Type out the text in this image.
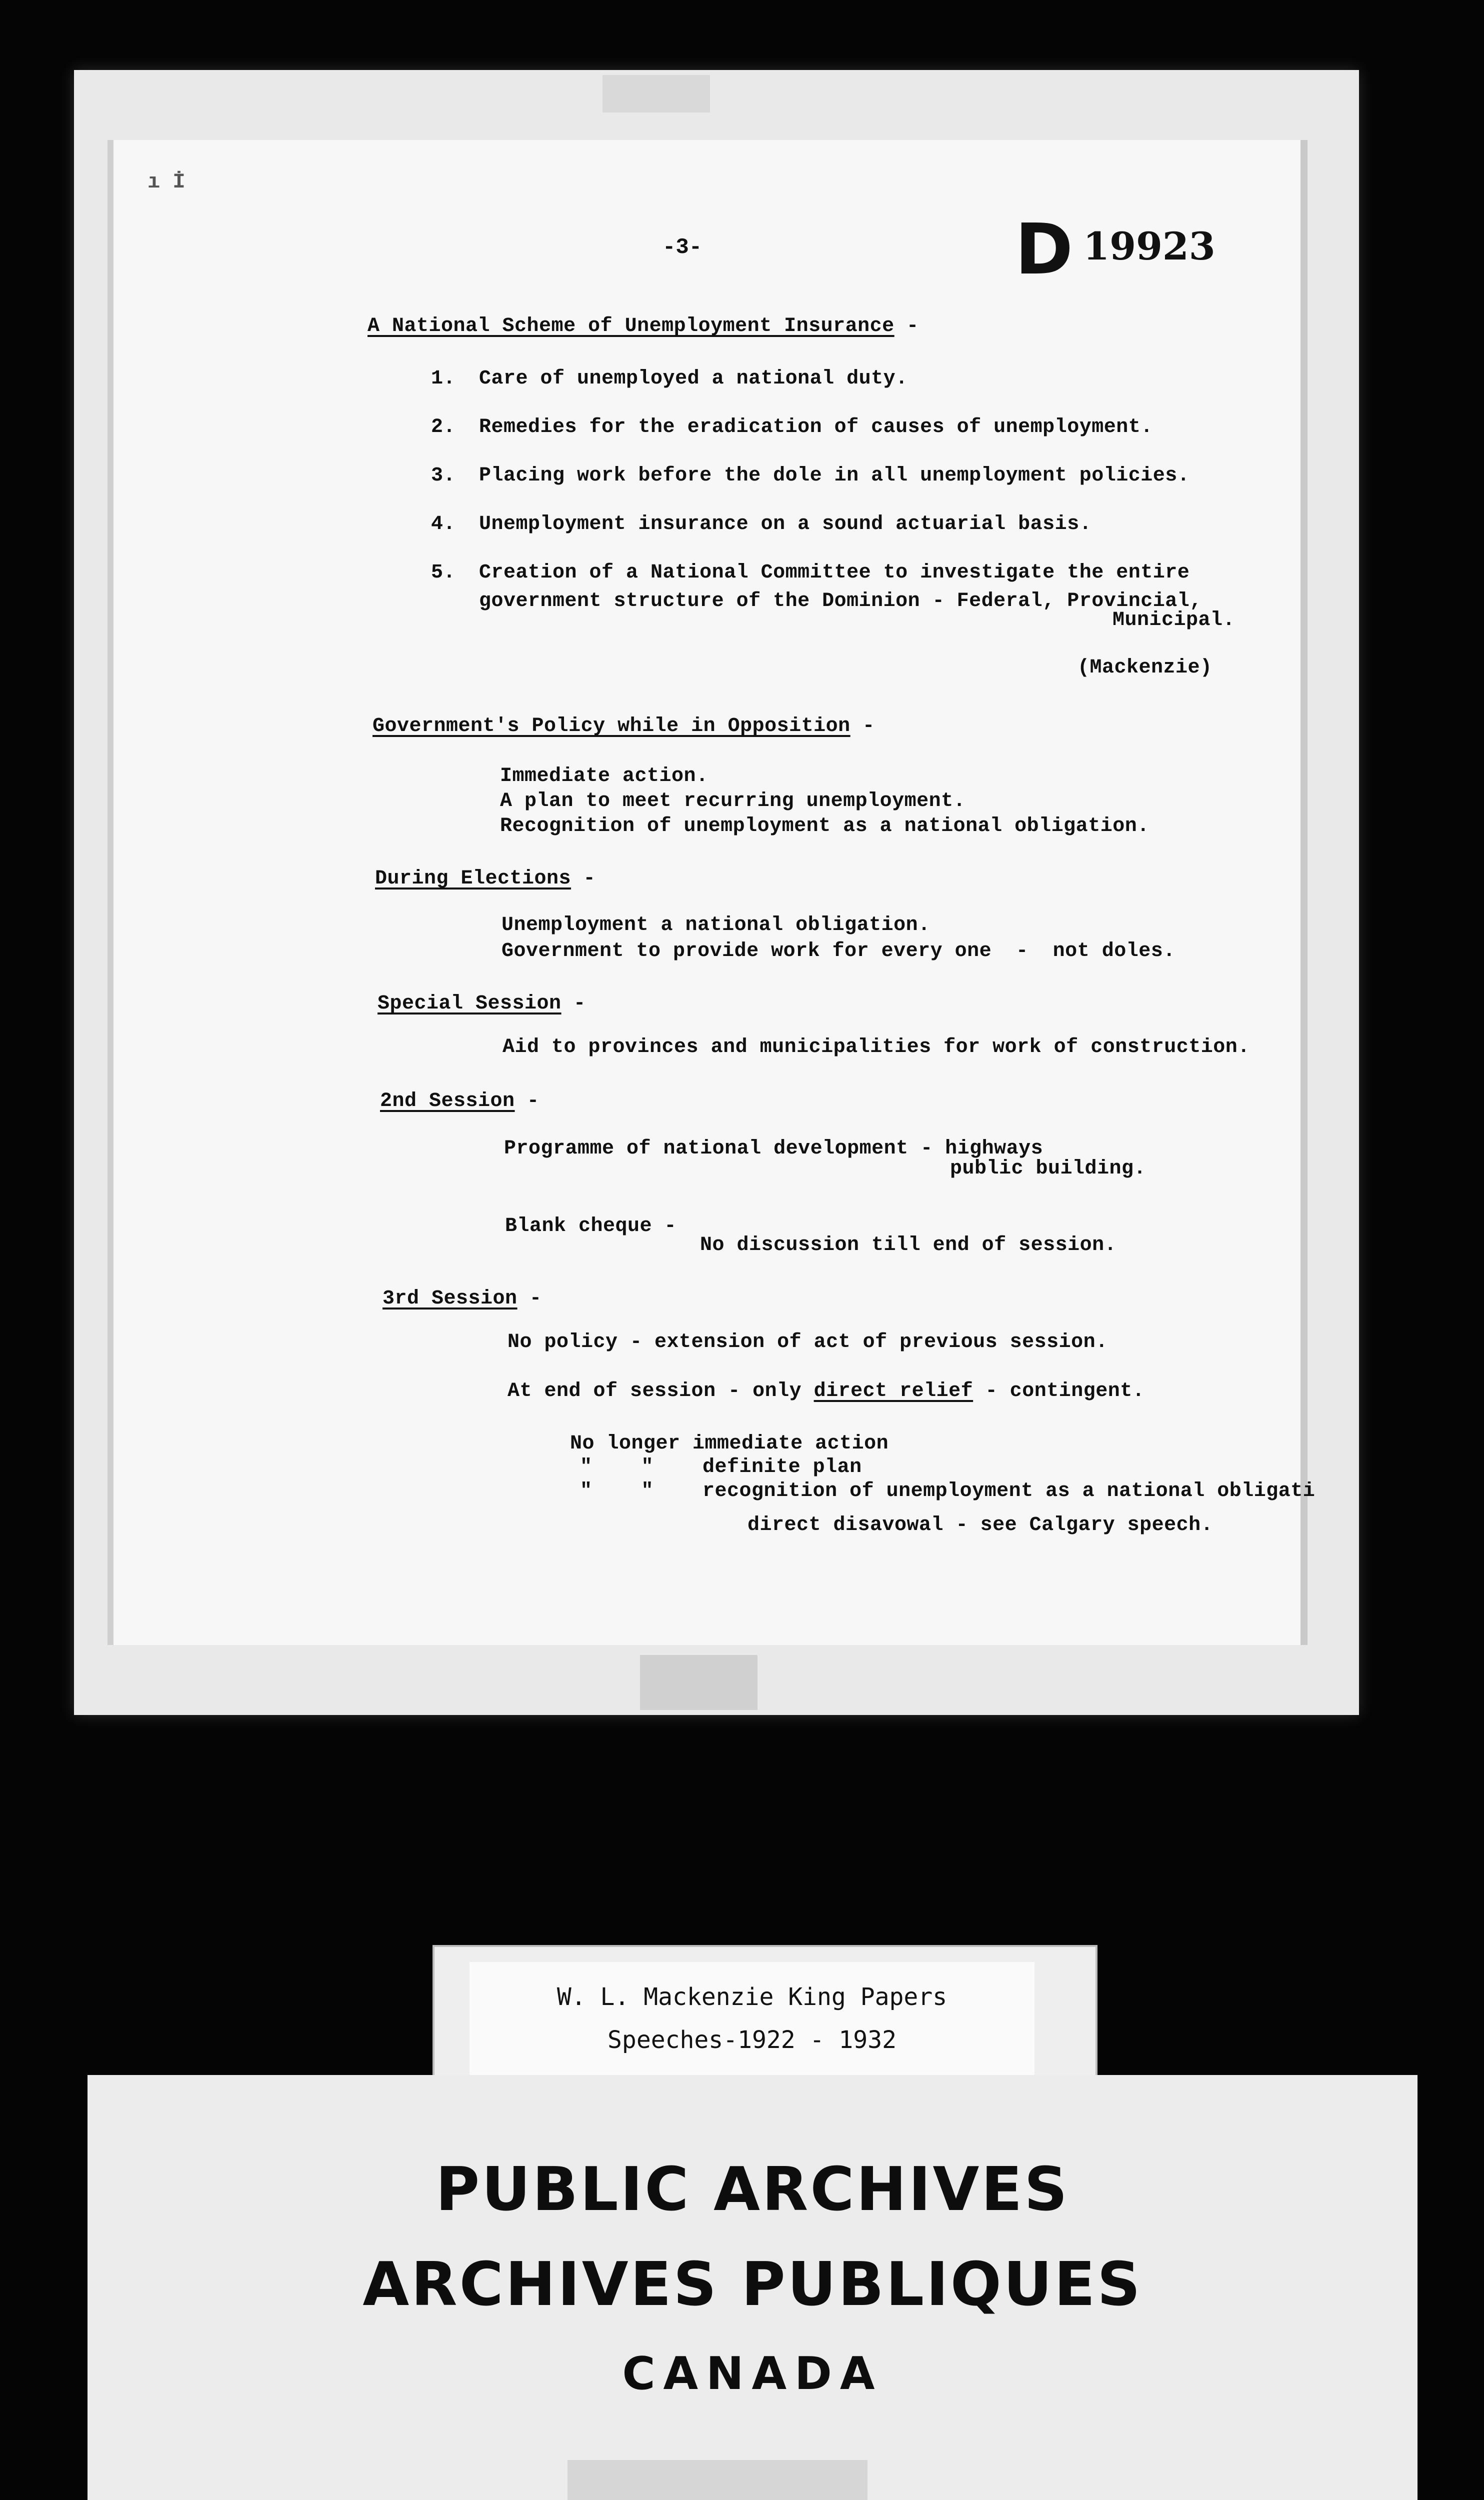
ı İ
D 19923
-3-
A National Scheme of Unemployment Insurance -
1. Care of unemployed a national duty.
2. Remedies for the eradication of causes of unemployment.
3. Placing work before the dole in all unemployment policies.
4. Unemployment insurance on a sound actuarial basis.
5. Creation of a National Committee to investigate the entire
government structure of the Dominion - Federal, Provincial,
Municipal.
(Mackenzie)
Government's Policy while in Opposition -
Immediate action.
A plan to meet recurring unemployment.
Recognition of unemployment as a national obligation.
During Elections -
Unemployment a national obligation.
Government to provide work for every one  -  not doles.
Special Session -
Aid to provinces and municipalities for work of construction.
2nd Session -
Programme of national development - highways
public building.
Blank cheque -
No discussion till end of session.
3rd Session -
No policy - extension of act of previous session.
At end of session - only direct relief - contingent.
No longer immediate action
"    "    definite plan
"    "    recognition of unemployment as a national obligati
direct disavowal - see Calgary speech.
W. L. Mackenzie King Papers
Speeches-1922 - 1932
PUBLIC ARCHIVES
ARCHIVES PUBLIQUES
CANADA
